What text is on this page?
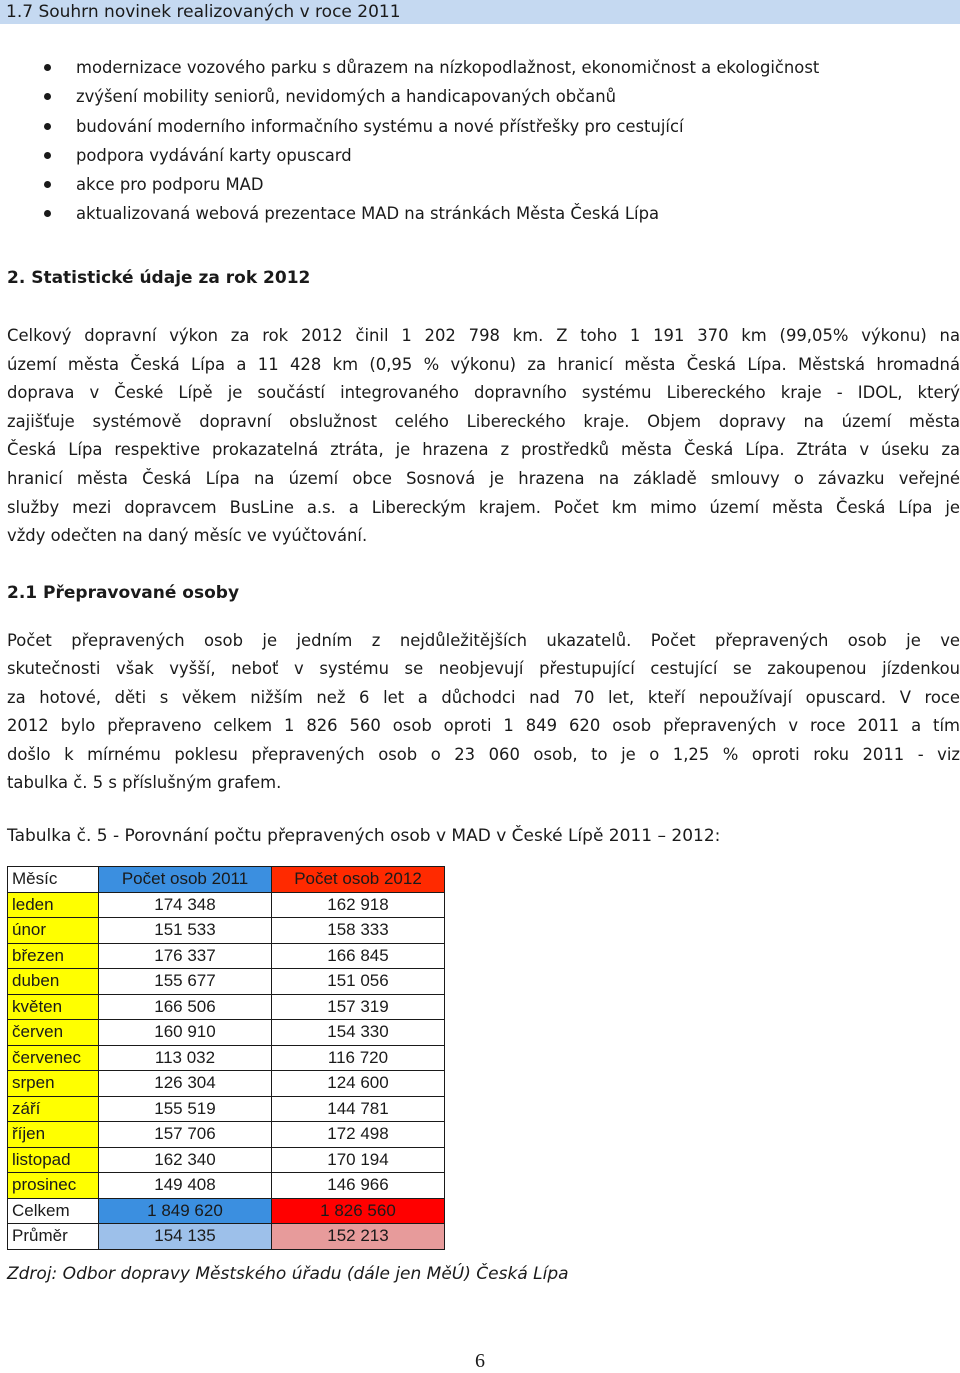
1.7 Souhrn novinek realizovaných v roce 2011
modernizace vozového parku s důrazem na nízkopodlažnost, ekonomičnost a ekologičnost
zvýšení mobility seniorů, nevidomých a handicapovaných občanů
budování moderního informačního systému a nové přístřešky pro cestující
podpora vydávání karty opuscard
akce pro podporu MAD
aktualizovaná webová prezentace MAD na stránkách Města Česká Lípa
2. Statistické údaje za rok 2012
Celkový dopravní výkon za rok 2012 činil 1 202 798 km. Z toho 1 191 370 km (99,05% výkonu) na
území města Česká Lípa a 11 428 km (0,95 % výkonu) za hranicí města Česká Lípa. Městská hromadná
doprava v České Lípě je součástí integrovaného dopravního systému Libereckého kraje - IDOL, který
zajišťuje systémově dopravní obslužnost celého Libereckého kraje. Objem dopravy na území města
Česká Lípa respektive prokazatelná ztráta, je hrazena z prostředků města Česká Lípa. Ztráta v úseku za
hranicí města Česká Lípa na území obce Sosnová je hrazena na základě smlouvy o závazku veřejné
služby mezi dopravcem BusLine a.s. a Libereckým krajem. Počet km mimo území města Česká Lípa je
vždy odečten na daný měsíc ve vyúčtování.
2.1 Přepravované osoby
Počet přepravených osob je jedním z nejdůležitějších ukazatelů. Počet přepravených osob je ve
skutečnosti však vyšší, neboť v systému se neobjevují přestupující cestující se zakoupenou jízdenkou
za hotové, děti s věkem nižším než 6 let a důchodci nad 70 let, kteří nepoužívají opuscard. V roce
2012 bylo přepraveno celkem 1 826 560 osob oproti 1 849 620 osob přepravených v roce 2011 a tím
došlo k mírnému poklesu přepravených osob o 23 060 osob, to je o 1,25 % oproti roku 2011 - viz
tabulka č. 5 s příslušným grafem.
Tabulka č. 5 - Porovnání počtu přepravených osob v MAD v České Lípě 2011 – 2012:
Měsíc	Počet osob 2011	Počet osob 2012
leden	174 348	162 918
únor	151 533	158 333
březen	176 337	166 845
duben	155 677	151 056
květen	166 506	157 319
červen	160 910	154 330
červenec	113 032	116 720
srpen	126 304	124 600
září	155 519	144 781
říjen	157 706	172 498
listopad	162 340	170 194
prosinec	149 408	146 966
Celkem	1 849 620	1 826 560
Průměr	154 135	152 213
Zdroj: Odbor dopravy Městského úřadu (dále jen MěÚ) Česká Lípa
6
